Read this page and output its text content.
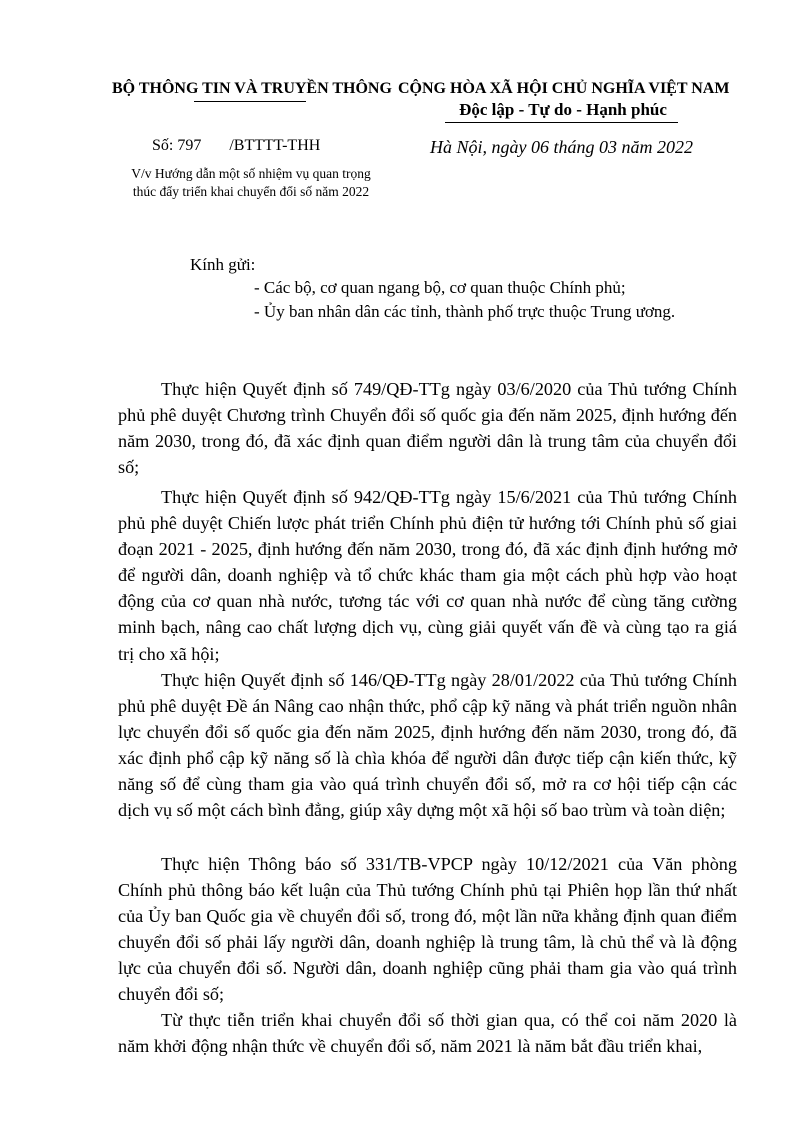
BỘ THÔNG TIN VÀ TRUYỀN THÔNG CỘNG HÒA XÃ HỘI CHỦ NGHĨA VIỆT NAM
Độc lập - Tự do - Hạnh phúc
Số: 797 /BTTTT-THH	Hà Nội, ngày 06 tháng 03 năm 2022
V/v Hướng dẫn một số nhiệm vụ quan trọng
thúc đẩy triển khai chuyển đổi số năm 2022
Kính gửi:
- Các bộ, cơ quan ngang bộ, cơ quan thuộc Chính phủ;
- Ủy ban nhân dân các tỉnh, thành phố trực thuộc Trung ương.

Thực hiện Quyết định số 749/QĐ-TTg ngày 03/6/2020 của Thủ tướng Chính phủ phê duyệt Chương trình Chuyển đổi số quốc gia đến năm 2025, định hướng đến năm 2030, trong đó, đã xác định quan điểm người dân là trung tâm của chuyển đổi số;

Thực hiện Quyết định số 942/QĐ-TTg ngày 15/6/2021 của Thủ tướng Chính phủ phê duyệt Chiến lược phát triển Chính phủ điện tử hướng tới Chính phủ số giai đoạn 2021 - 2025, định hướng đến năm 2030, trong đó, đã xác định định hướng mở để người dân, doanh nghiệp và tổ chức khác tham gia một cách phù hợp vào hoạt động của cơ quan nhà nước, tương tác với cơ quan nhà nước để cùng tăng cường minh bạch, nâng cao chất lượng dịch vụ, cùng giải quyết vấn đề và cùng tạo ra giá trị cho xã hội;

Thực hiện Quyết định số 146/QĐ-TTg ngày 28/01/2022 của Thủ tướng Chính phủ phê duyệt Đề án Nâng cao nhận thức, phổ cập kỹ năng và phát triển nguồn nhân lực chuyển đổi số quốc gia đến năm 2025, định hướng đến năm 2030, trong đó, đã xác định phổ cập kỹ năng số là chìa khóa để người dân được tiếp cận kiến thức, kỹ năng số để cùng tham gia vào quá trình chuyển đổi số, mở ra cơ hội tiếp cận các dịch vụ số một cách bình đẳng, giúp xây dựng một xã hội số bao trùm và toàn diện;

Thực hiện Thông báo số 331/TB-VPCP ngày 10/12/2021 của Văn phòng Chính phủ thông báo kết luận của Thủ tướng Chính phủ tại Phiên họp lần thứ nhất của Ủy ban Quốc gia về chuyển đổi số, trong đó, một lần nữa khẳng định quan điểm chuyển đổi số phải lấy người dân, doanh nghiệp là trung tâm, là chủ thể và là động lực của chuyển đổi số. Người dân, doanh nghiệp cũng phải tham gia vào quá trình chuyển đổi số;

Từ thực tiễn triển khai chuyển đổi số thời gian qua, có thể coi năm 2020 là năm khởi động nhận thức về chuyển đổi số, năm 2021 là năm bắt đầu triển khai,
